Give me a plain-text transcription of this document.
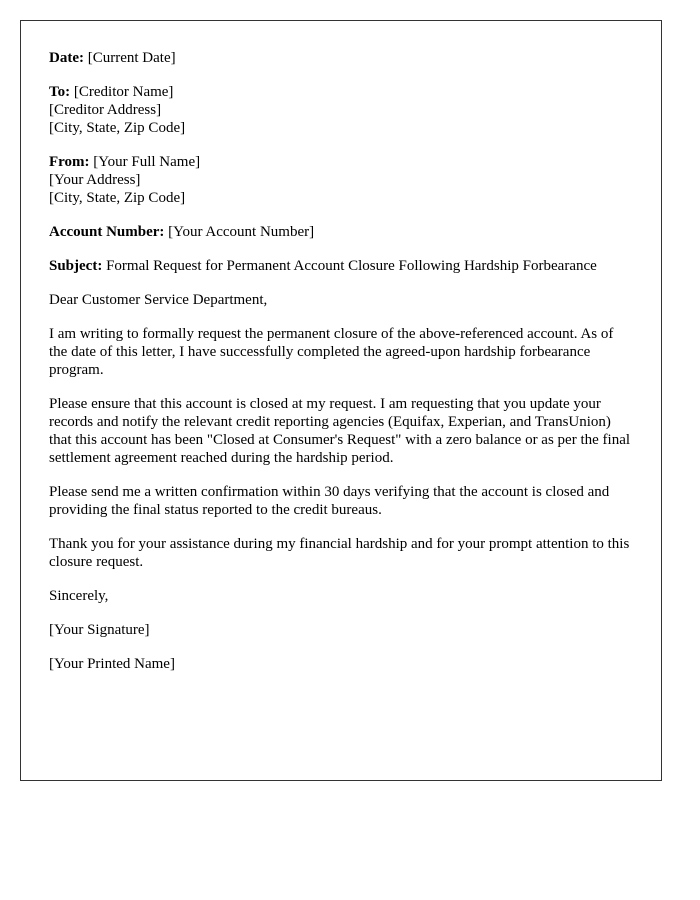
Date: [Current Date]

To: [Creditor Name]
[Creditor Address]
[City, State, Zip Code]

From: [Your Full Name]
[Your Address]
[City, State, Zip Code]

Account Number: [Your Account Number]

Subject: Formal Request for Permanent Account Closure Following Hardship Forbearance

Dear Customer Service Department,

I am writing to formally request the permanent closure of the above-referenced account. As of the date of this letter, I have successfully completed the agreed-upon hardship forbearance program.

Please ensure that this account is closed at my request. I am requesting that you update your records and notify the relevant credit reporting agencies (Equifax, Experian, and TransUnion) that this account has been "Closed at Consumer's Request" with a zero balance or as per the final settlement agreement reached during the hardship period.

Please send me a written confirmation within 30 days verifying that the account is closed and providing the final status reported to the credit bureaus.

Thank you for your assistance during my financial hardship and for your prompt attention to this closure request.

Sincerely,

[Your Signature]

[Your Printed Name]
